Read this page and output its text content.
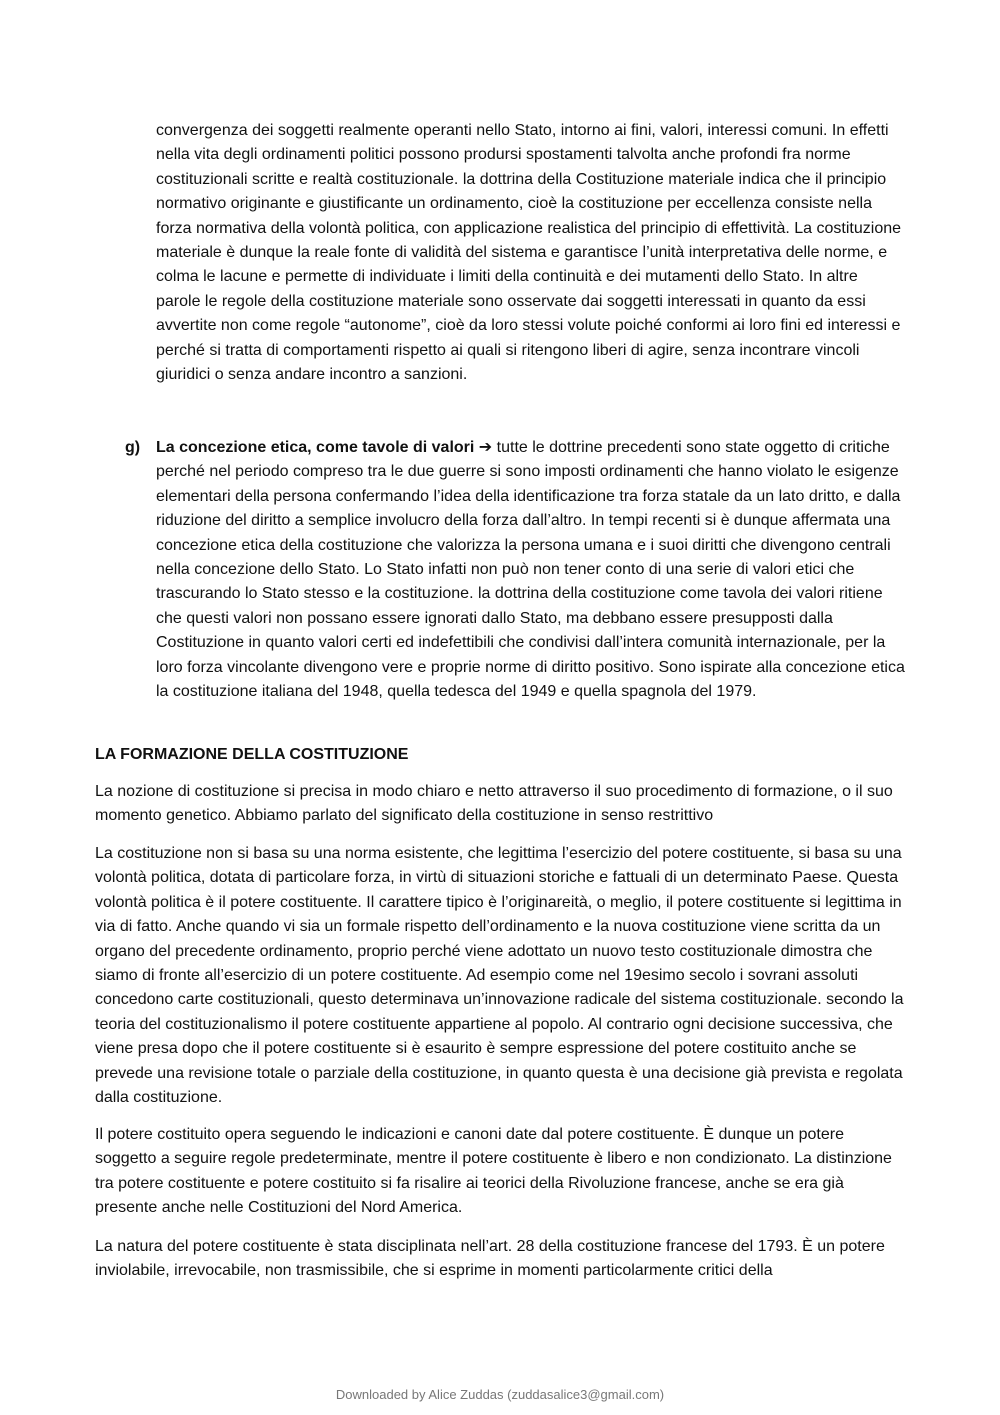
convergenza dei soggetti realmente operanti nello Stato, intorno ai fini, valori, interessi comuni. In effetti nella vita degli ordinamenti politici possono prodursi spostamenti talvolta anche profondi fra norme costituzionali scritte e realtà costituzionale. la dottrina della Costituzione materiale indica che il principio normativo originante e giustificante un ordinamento, cioè la costituzione per eccellenza consiste nella forza normativa della volontà politica, con applicazione realistica del principio di effettività. La costituzione materiale è dunque la reale fonte di validità del sistema e garantisce l’unità interpretativa delle norme, e colma le lacune e permette di individuate i limiti della continuità e dei mutamenti dello Stato. In altre parole le regole della costituzione materiale sono osservate dai soggetti interessati in quanto da essi avvertite non come regole “autonome”, cioè da loro stessi volute poiché conformi ai loro fini ed interessi e perché si tratta di comportamenti rispetto ai quali si ritengono liberi di agire, senza incontrare vincoli giuridici o senza andare incontro a sanzioni.

g) La concezione etica, come tavole di valori ➔ tutte le dottrine precedenti sono state oggetto di critiche perché nel periodo compreso tra le due guerre si sono imposti ordinamenti che hanno violato le esigenze elementari della persona confermando l’idea della identificazione tra forza statale da un lato dritto, e dalla riduzione del diritto a semplice involucro della forza dall’altro. In tempi recenti si è dunque affermata una concezione etica della costituzione che valorizza la persona umana e i suoi diritti che divengono centrali nella concezione dello Stato. Lo Stato infatti non può non tener conto di una serie di valori etici che trascurando lo Stato stesso e la costituzione. la dottrina della costituzione come tavola dei valori ritiene che questi valori non possano essere ignorati dallo Stato, ma debbano essere presupposti dalla Costituzione in quanto valori certi ed indefettibili che condivisi dall’intera comunità internazionale, per la loro forza vincolante divengono vere e proprie norme di diritto positivo. Sono ispirate alla concezione etica la costituzione italiana del 1948, quella tedesca del 1949 e quella spagnola del 1979.

LA FORMAZIONE DELLA COSTITUZIONE

La nozione di costituzione si precisa in modo chiaro e netto attraverso il suo procedimento di formazione, o il suo momento genetico. Abbiamo parlato del significato della costituzione in senso restrittivo

La costituzione non si basa su una norma esistente, che legittima l’esercizio del potere costituente, si basa su una volontà politica, dotata di particolare forza, in virtù di situazioni storiche e fattuali di un determinato Paese. Questa volontà politica è il potere costituente. Il carattere tipico è l’originareità, o meglio, il potere costituente si legittima in via di fatto. Anche quando vi sia un formale rispetto dell’ordinamento e la nuova costituzione viene scritta da un organo del precedente ordinamento, proprio perché viene adottato un nuovo testo costituzionale dimostra che siamo di fronte all’esercizio di un potere costituente. Ad esempio come nel 19esimo secolo i sovrani assoluti concedono carte costituzionali, questo determinava un’innovazione radicale del sistema costituzionale. secondo la teoria del costituzionalismo il potere costituente appartiene al popolo. Al contrario ogni decisione successiva, che viene presa dopo che il potere costituente si è esaurito è sempre espressione del potere costituito anche se prevede una revisione totale o parziale della costituzione, in quanto questa è una decisione già prevista e regolata dalla costituzione.

Il potere costituito opera seguendo le indicazioni e canoni date dal potere costituente. È dunque un potere soggetto a seguire regole predeterminate, mentre il potere costituente è libero e non condizionato. La distinzione tra potere costituente e potere costituito si fa risalire ai teorici della Rivoluzione francese, anche se era già presente anche nelle Costituzioni del Nord America.

La natura del potere costituente è stata disciplinata nell’art. 28 della costituzione francese del 1793. È un potere inviolabile, irrevocabile, non trasmissibile, che si esprime in momenti particolarmente critici della

Downloaded by Alice Zuddas (zuddasalice3@gmail.com)
